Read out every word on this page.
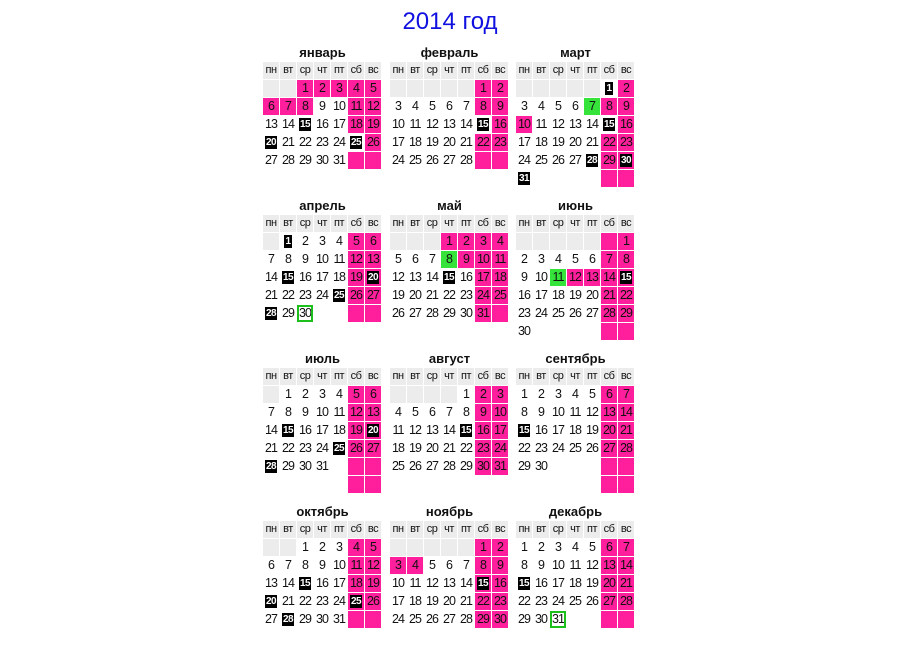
2014 год
январь
пн вт ср чт пт сб вс
1 2 3 4 5
6 7 8 9 10 11 12
13 14 15 16 17 18 19
20 21 22 23 24 25 26
27 28 29 30 31
февраль
пн вт ср чт пт сб вс
1 2
3 4 5 6 7 8 9
10 11 12 13 14 15 16
17 18 19 20 21 22 23
24 25 26 27 28
март
пн вт ср чт пт сб вс
1 2
3 4 5 6 7 8 9
10 11 12 13 14 15 16
17 18 19 20 21 22 23
24 25 26 27 28 29 30
31
апрель
пн вт ср чт пт сб вс
1 2 3 4 5 6
7 8 9 10 11 12 13
14 15 16 17 18 19 20
21 22 23 24 25 26 27
28 29 30
май
пн вт ср чт пт сб вс
1 2 3 4
5 6 7 8 9 10 11
12 13 14 15 16 17 18
19 20 21 22 23 24 25
26 27 28 29 30 31
июнь
пн вт ср чт пт сб вс
1
2 3 4 5 6 7 8
9 10 11 12 13 14 15
16 17 18 19 20 21 22
23 24 25 26 27 28 29
30
июль
пн вт ср чт пт сб вс
1 2 3 4 5 6
7 8 9 10 11 12 13
14 15 16 17 18 19 20
21 22 23 24 25 26 27
28 29 30 31
август
пн вт ср чт пт сб вс
1 2 3
4 5 6 7 8 9 10
11 12 13 14 15 16 17
18 19 20 21 22 23 24
25 26 27 28 29 30 31
сентябрь
пн вт ср чт пт сб вс
1 2 3 4 5 6 7
8 9 10 11 12 13 14
15 16 17 18 19 20 21
22 23 24 25 26 27 28
29 30
октябрь
пн вт ср чт пт сб вс
1 2 3 4 5
6 7 8 9 10 11 12
13 14 15 16 17 18 19
20 21 22 23 24 25 26
27 28 29 30 31
ноябрь
пн вт ср чт пт сб вс
1 2
3 4 5 6 7 8 9
10 11 12 13 14 15 16
17 18 19 20 21 22 23
24 25 26 27 28 29 30
декабрь
пн вт ср чт пт сб вс
1 2 3 4 5 6 7
8 9 10 11 12 13 14
15 16 17 18 19 20 21
22 23 24 25 26 27 28
29 30 31
